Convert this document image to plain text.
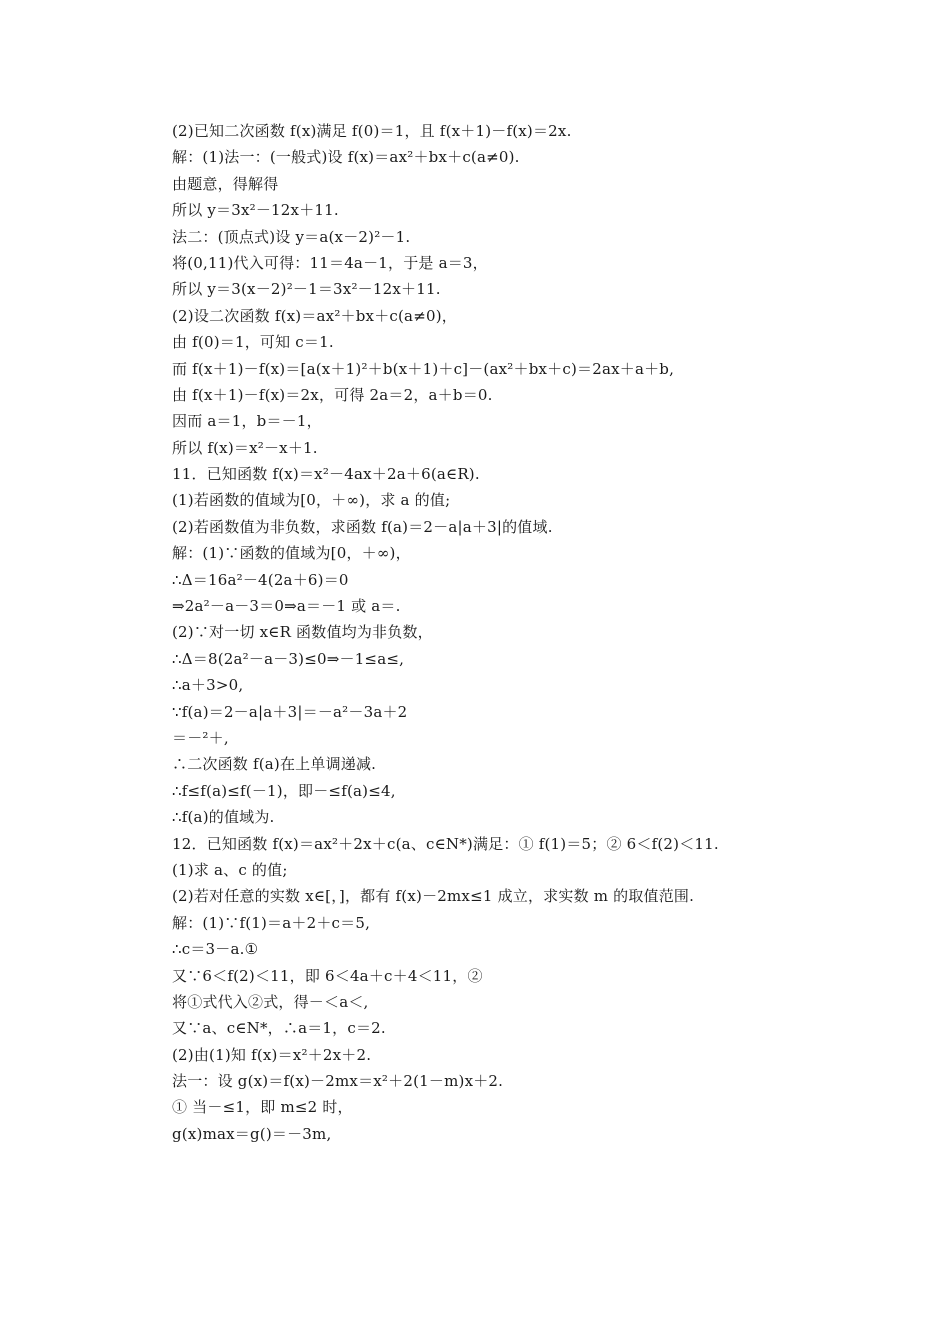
(2)已知二次函数 f(x)满足 f(0)＝1，且 f(x＋1)－f(x)＝2x.
解：(1)法一：(一般式)设 f(x)＝ax²＋bx＋c(a≠0).
由题意，得解得
所以 y＝3x²－12x＋11.
法二：(顶点式)设 y＝a(x－2)²－1.
将(0,11)代入可得：11＝4a－1，于是 a＝3，
所以 y＝3(x－2)²－1＝3x²－12x＋11.
(2)设二次函数 f(x)＝ax²＋bx＋c(a≠0)，
由 f(0)＝1，可知 c＝1.
而 f(x＋1)－f(x)＝[a(x＋1)²＋b(x＋1)＋c]－(ax²＋bx＋c)＝2ax＋a＋b,
由 f(x＋1)－f(x)＝2x，可得 2a＝2，a＋b＝0.
因而 a＝1，b＝－1，
所以 f(x)＝x²－x＋1.
11．已知函数 f(x)＝x²－4ax＋2a＋6(a∈R).
(1)若函数的值域为[0，＋∞)，求 a 的值;
(2)若函数值为非负数，求函数 f(a)＝2－a|a＋3|的值域.
解：(1)∵函数的值域为[0，＋∞)，
∴Δ＝16a²－4(2a＋6)＝0
⇒2a²－a－3＝0⇒a＝－1 或 a＝.
(2)∵对一切 x∈R 函数值均为非负数，
∴Δ＝8(2a²－a－3)≤0⇒－1≤a≤,
∴a＋3>0,
∵f(a)＝2－a|a＋3|＝－a²－3a＋2
＝－²＋,
∴二次函数 f(a)在上单调递减.
∴f≤f(a)≤f(－1)，即－≤f(a)≤4,
∴f(a)的值域为.
12．已知函数 f(x)＝ax²＋2x＋c(a、c∈N*)满足：① f(1)＝5；② 6＜f(2)＜11.
(1)求 a、c 的值;
(2)若对任意的实数 x∈[，]，都有 f(x)－2mx≤1 成立，求实数 m 的取值范围.
解：(1)∵f(1)＝a＋2＋c＝5,
∴c＝3－a.①
又∵6＜f(2)＜11，即 6＜4a＋c＋4＜11，②
将①式代入②式，得－＜a＜,
又∵a、c∈N*，∴a＝1，c＝2.
(2)由(1)知 f(x)＝x²＋2x＋2.
法一：设 g(x)＝f(x)－2mx＝x²＋2(1－m)x＋2.
① 当－≤1，即 m≤2 时，
g(x)max＝g()＝－3m,
